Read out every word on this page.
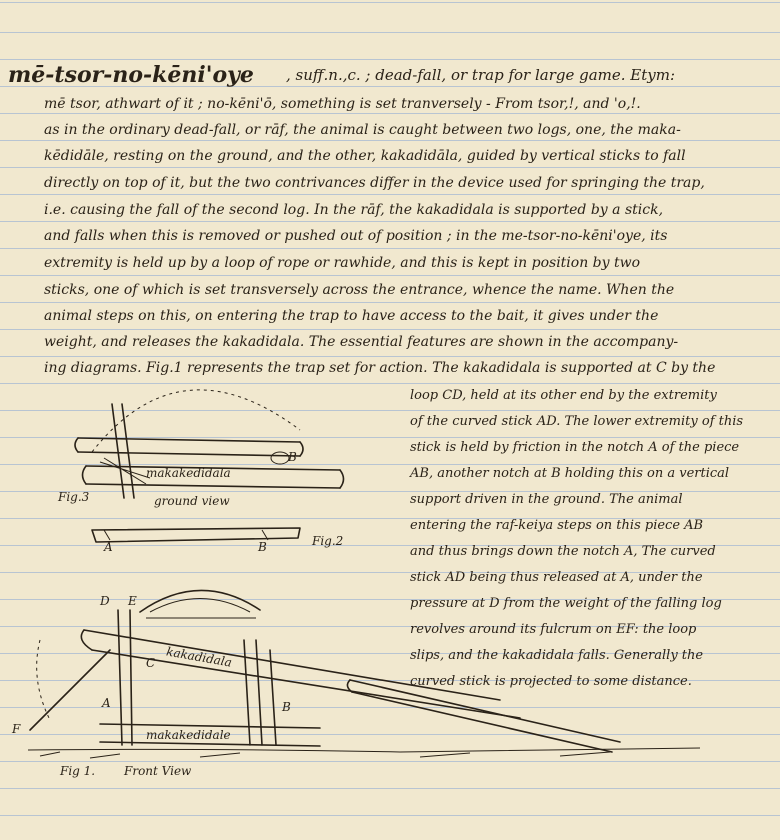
mē-tsor-no-kēni'oye , suff.n.,c. ; dead-fall, or trap for large game. Etym:
mē tsor, athwart of it ; no-kēni'ō, something is set tranversely - From tsor,!, and 'o,!.
as in the ordinary dead-fall, or rāf, the animal is caught between two logs, one, the maka-
kēdidāle, resting on the ground, and the other, kakadidāla, guided by vertical sticks to fall
directly on top of it, but the two contrivances differ in the device used for springing the trap,
i.e. causing the fall of the second log. In the rāf, the kakadidala is supported by a stick,
and falls when this is removed or pushed out of position ; in the me-tsor-no-kēni'oye, its
extremity is held up by a loop of rope or rawhide, and this is kept in position by two
sticks, one of which is set transversely across the entrance, whence the name. When the
animal steps on this, on entering the trap to have access to the bait, it gives under the
weight, and releases the kakadidala. The essential features are shown in the accompany-
ing diagrams. Fig.1 represents the trap set for action. The kakadidala is supported at C by the
loop CD, held at its other end by the extremity
of the curved stick AD. The lower extremity of this
stick is held by friction in the notch A of the piece
AB, another notch at B holding this on a vertical
support driven in the ground. The animal
entering the raf-keiya steps on this piece AB
and thus brings down the notch A, The curved
stick AD being thus released at A, under the
pressure at D from the weight of the falling log
revolves around its fulcrum on EF: the loop
slips, and the kakadidala falls. Generally the
curved stick is projected to some distance.
makakedidala
B
Fig.3	ground view
A	B	Fig.2
D E
C
A	B
F
kakadidala
makakedidale
Fig 1. Front View
